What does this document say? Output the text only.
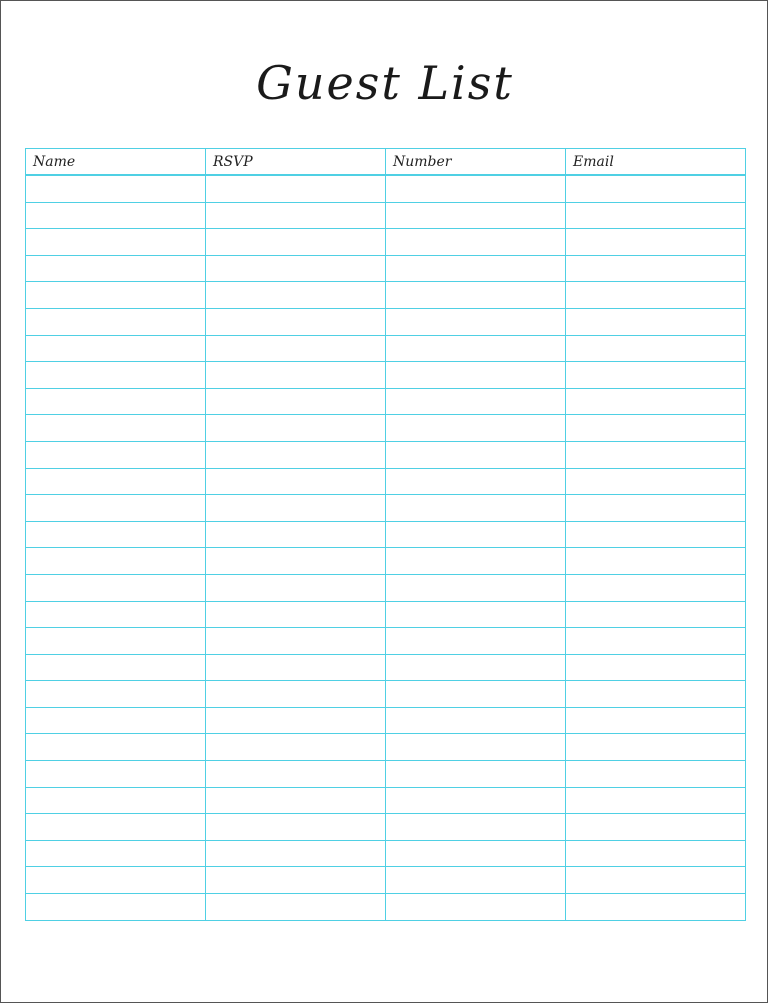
Guest List
Name	RSVP	Number	Email
